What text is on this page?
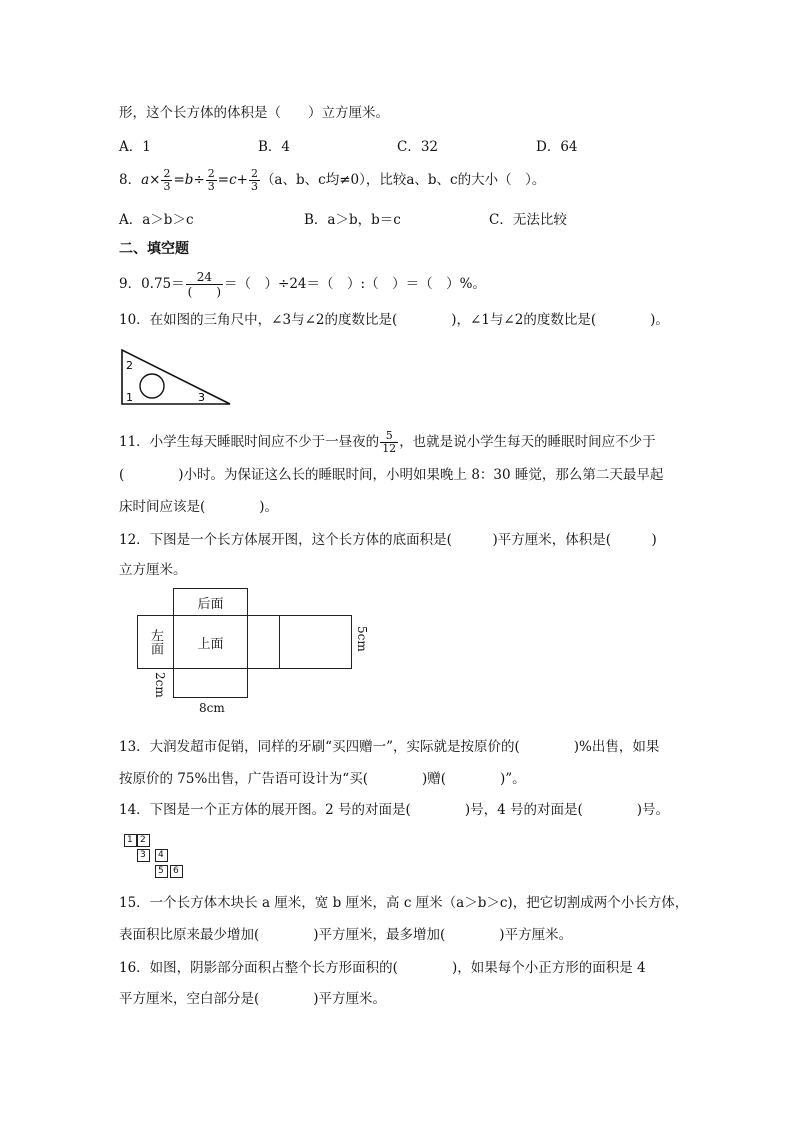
形，这个长方体的体积是（　　）立方厘米。
A．1	B．4	C．32	D．64
8．$a\times \frac{2}{3} =b\div \frac{2}{3} =c+ \frac{2}{3} (a$、b、c均≠0），比较a、b、c的大小（　）。
A．a＞b＞c	B．a＞b，b＝c	C．无法比较
二、填空题
9．$0.75= \frac{24}{( )}$ ＝（　）÷24＝（　）:（　）＝（　）%。
10．在如图的三角尺中，∠3与∠2的度数比是(　　　　)，∠1与∠2的度数比是(　　　　)。
2
1	3
11．小学生每天睡眠时间应不少于一昼夜的 $\frac{5}{12}$ ，也就是说小学生每天的睡眠时间应不少于
(　　　　)小时。为保证这么长的睡眠时间，小明如果晚上 8：30 睡觉，那么第二天最早起
床时间应该是(　　　　)。
12．下图是一个长方体展开图，这个长方体的底面积是(　　　)平方厘米，体积是(　　　)
立方厘米。
后面
左面	上面	5cm
2cm
8cm
13．大润发超市促销，同样的牙刷“买四赠一”，实际就是按原价的(　　　　)%出售，如果
按原价的 75%出售，广告语可设计为“买(　　　　)赠(　　　　)”。
14．下图是一个正方体的展开图。2 号的对面是(　　　　)号，4 号的对面是(　　　　)号。
1 2
3	4
5	6
15．一个长方体木块长 a 厘米，宽 b 厘米，高 c 厘米（a＞b＞c)，把它切割成两个小长方体，
表面积比原来最少增加(　　　　)平方厘米，最多增加(　　　　)平方厘米。
16．如图，阴影部分面积占整个长方形面积的(　　　　)，如果每个小正方形的面积是 4
平方厘米，空白部分是(　　　　)平方厘米。
